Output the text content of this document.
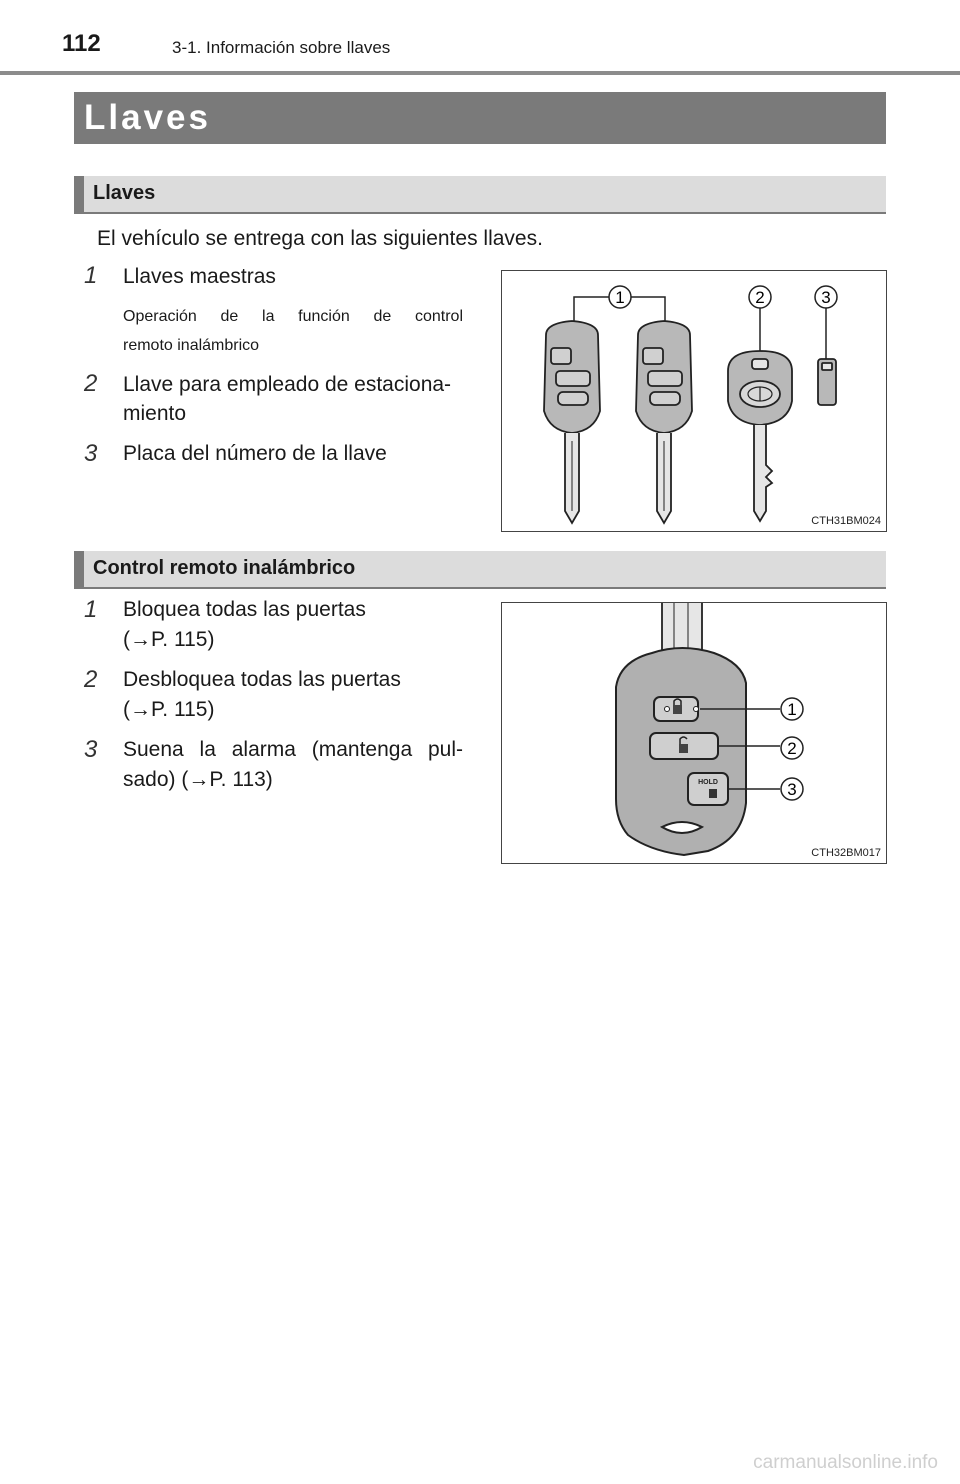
112	3-1. Información sobre llaves
Llaves
Llaves
El vehículo se entrega con las siguientes llaves.
1 Llaves maestras
Operación de la función de control
remoto inalámbrico
2 Llave para empleado de estaciona-
miento
3 Placa del número de la llave
1	2	3
CTH31BM024
Control remoto inalámbrico
1 Bloquea todas las puertas
(→P. 115)
2 Desbloquea todas las puertas
(→P. 115)
3 Suena la alarma (mantenga pul-
sado) (→P. 113)	HOLD
1
2
3
CTH32BM017
carmanualsonline.info
